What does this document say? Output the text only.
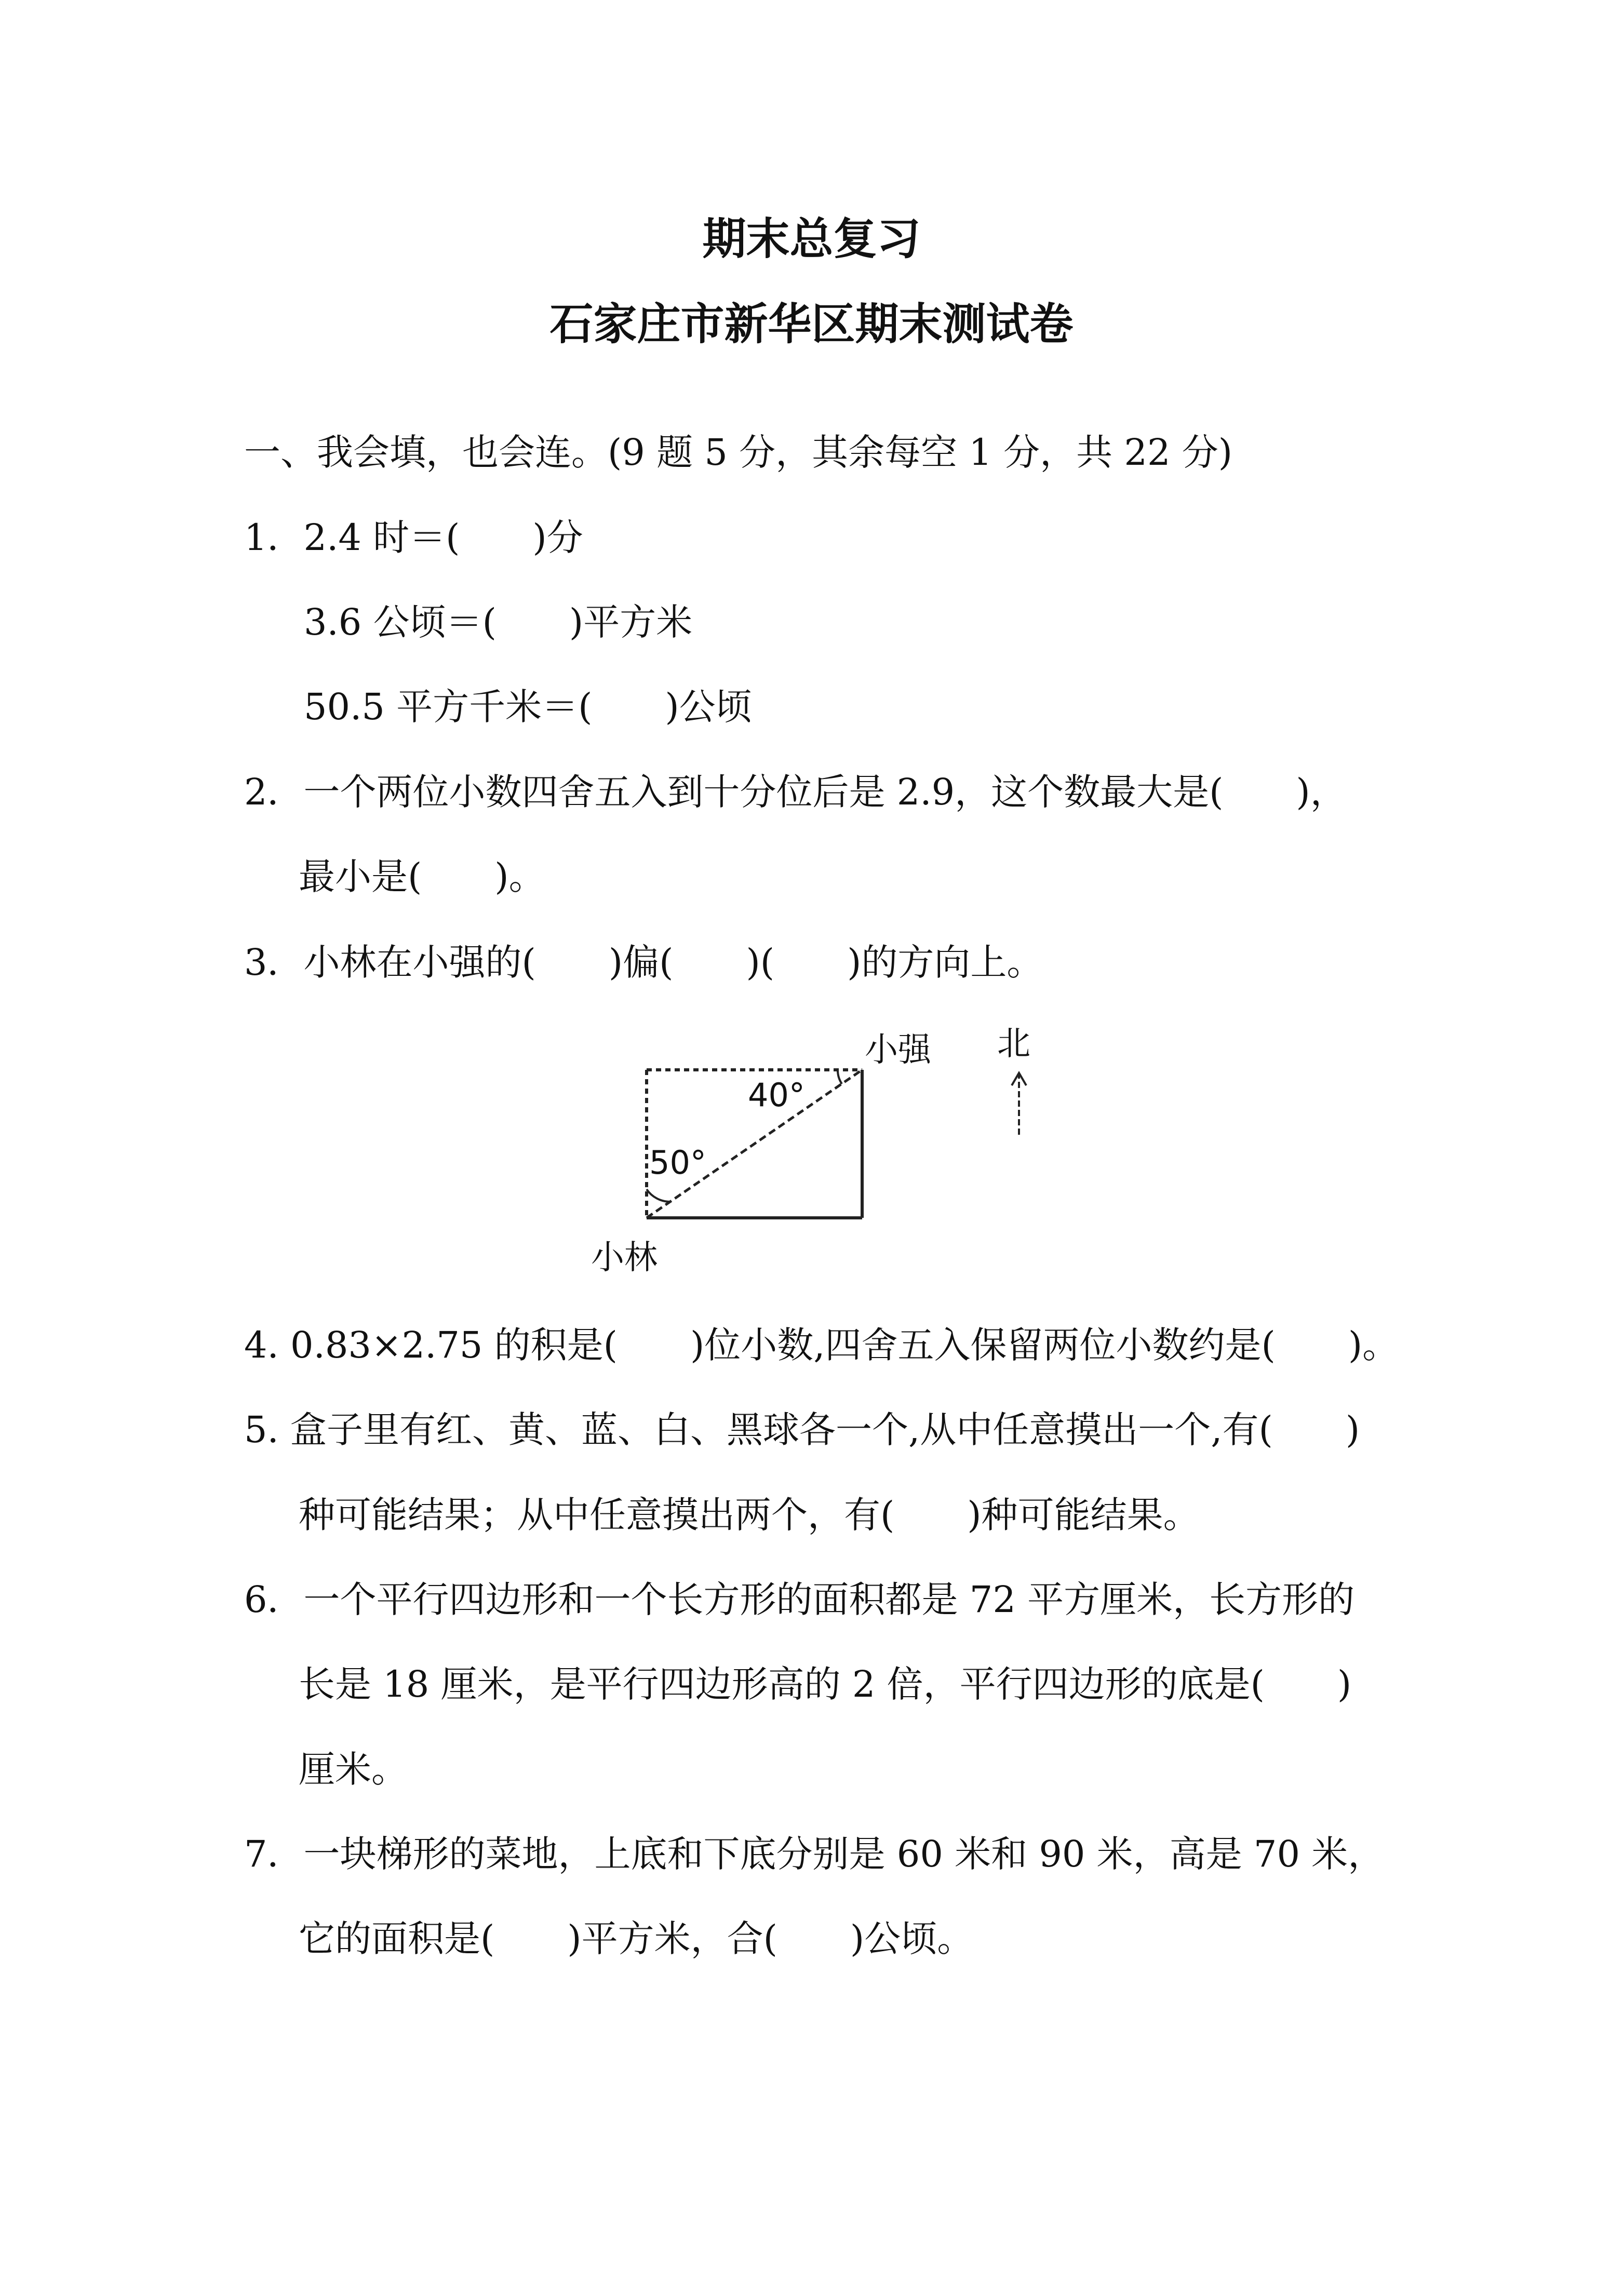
期末总复习
石家庄市新华区期末测试卷
一、我会填，也会连。(9 题 5 分，其余每空 1 分，共 22 分)
1．2.4 时＝(　　)分
3.6 公顷＝(　　)平方米
50.5 平方千米＝(　　)公顷
2．一个两位小数四舍五入到十分位后是 2.9，这个数最大是(　　)，
最小是(　　)。
3．小林在小强的(　　)偏(　　)(　　)的方向上。
小强 北
小林
40°
50°
4. 0.83×2.75 的积是(　　)位小数,四舍五入保留两位小数约是(　　)。
5. 盒子里有红、黄、蓝、白、黑球各一个,从中任意摸出一个,有(　　)
种可能结果；从中任意摸出两个，有(　　)种可能结果。
6．一个平行四边形和一个长方形的面积都是 72 平方厘米，长方形的
长是 18 厘米，是平行四边形高的 2 倍，平行四边形的底是(　　)
厘米。
7．一块梯形的菜地，上底和下底分别是 60 米和 90 米，高是 70 米，
它的面积是(　　)平方米，合(　　)公顷。
